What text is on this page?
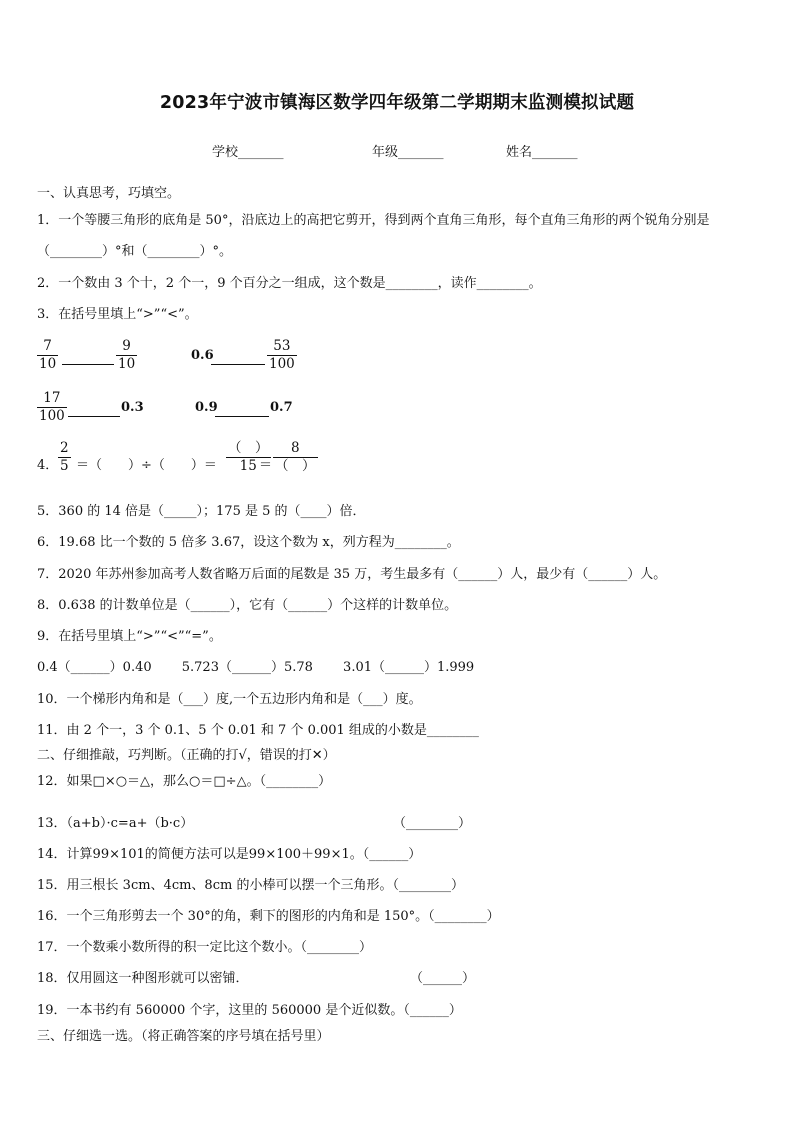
2023年宁波市镇海区数学四年级第二学期期末监测模拟试题
学校_______	年级_______	姓名_______
一、认真思考，巧填空。
1．一个等腰三角形的底角是 50°，沿底边上的高把它剪开，得到两个直角三角形，每个直角三角形的两个锐角分别是
（________）°和（________）°。
2．一个数由 3 个十，2 个一，9 个百分之一组成，这个数是________，读作________。
3．在括号里填上“>”“<”。
$\frac{7}{10}$	$\frac{9}{10}$	0.6	$\frac{53}{100}$
$\frac{17}{100}$	0.3	0.9	0.7
4． $\frac{2}{5}$ ＝（　　）÷（　　）＝
（　）
15 ＝
8
（　）
5．360 的 14 倍是（_____）；175 是 5 的（____）倍．
6．19.68 比一个数的 5 倍多 3.67，设这个数为 x，列方程为________。
7．2020 年苏州参加高考人数省略万后面的尾数是 35 万，考生最多有（______）人，最少有（______）人。
8．0.638 的计数单位是（______），它有（______）个这样的计数单位。
9．在括号里填上“>”“<”“=”。
0.4（______）0.40　　 5.723（______）5.78　　 3.01（______）1.999
10．一个梯形内角和是（___）度,一个五边形内角和是（___）度。
11．由 2 个一，3 个 0.1、5 个 0.01 和 7 个 0.001 组成的小数是________
二、仔细推敲，巧判断。（正确的打√，错误的打✕）
12．如果□×○＝△，那么○＝□÷△。（________）
13．（a+b）·c=a+（b·c）	（________）
14．计算99×101的简便方法可以是99×100＋99×1。（______）
15．用三根长 3cm、4cm、8cm 的小棒可以摆一个三角形。（________）
16．一个三角形剪去一个 30°的角，剩下的图形的内角和是 150°。（________）
17．一个数乘小数所得的积一定比这个数小。（________）
18．仅用圆这一种图形就可以密铺．	（______）
19．一本书约有 560000 个字，这里的 560000 是个近似数。（______）
三、仔细选一选。（将正确答案的序号填在括号里）
